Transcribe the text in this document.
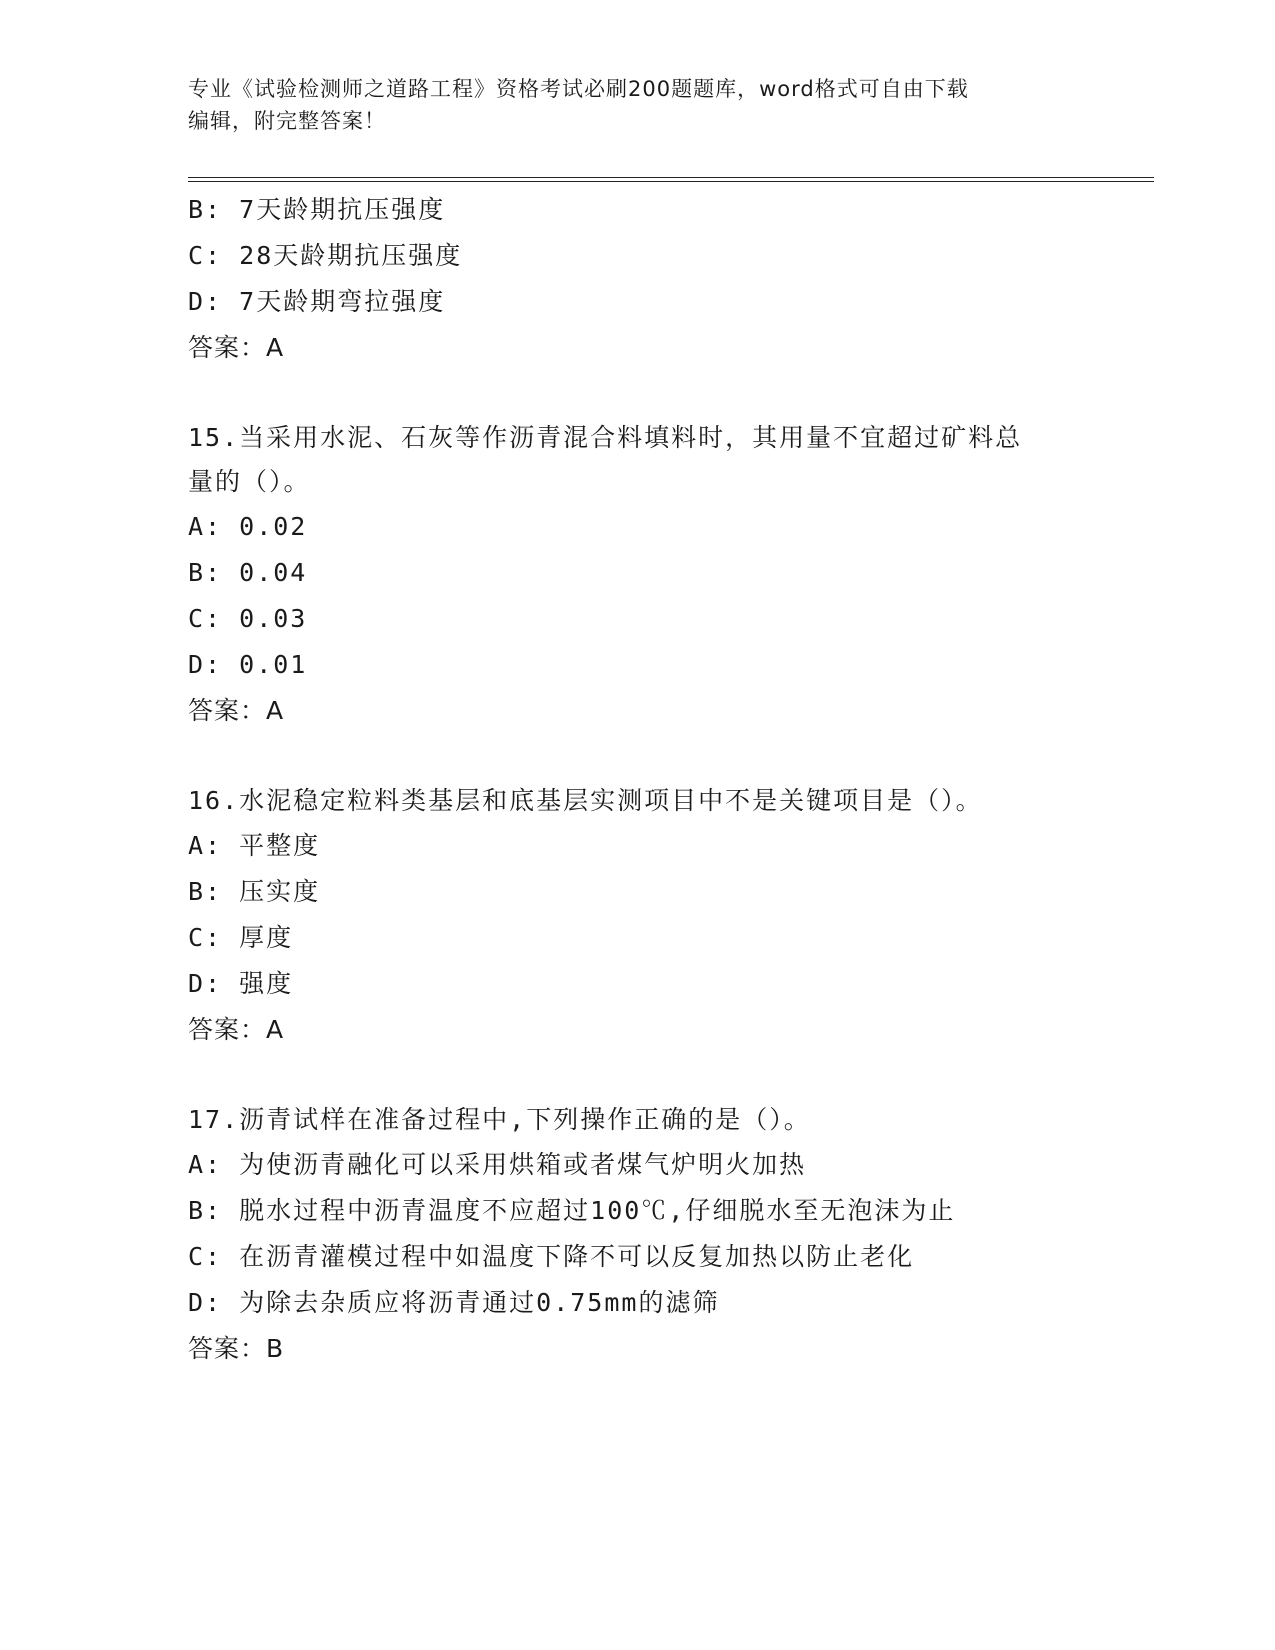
专业《试验检测师之道路工程》资格考试必刷200题题库，word格式可自由下载
编辑，附完整答案！
B: 7天龄期抗压强度
C: 28天龄期抗压强度
D: 7天龄期弯拉强度
答案：A
15.当采用水泥、石灰等作沥青混合料填料时，其用量不宜超过矿料总
量的（）。
A: 0.02
B: 0.04
C: 0.03
D: 0.01
答案：A
16.水泥稳定粒料类基层和底基层实测项目中不是关键项目是（）。
A: 平整度
B: 压实度
C: 厚度
D: 强度
答案：A
17.沥青试样在准备过程中,下列操作正确的是（）。
A: 为使沥青融化可以采用烘箱或者煤气炉明火加热
B: 脱水过程中沥青温度不应超过100℃,仔细脱水至无泡沫为止
C: 在沥青灌模过程中如温度下降不可以反复加热以防止老化
D: 为除去杂质应将沥青通过0.75mm的滤筛
答案：B
